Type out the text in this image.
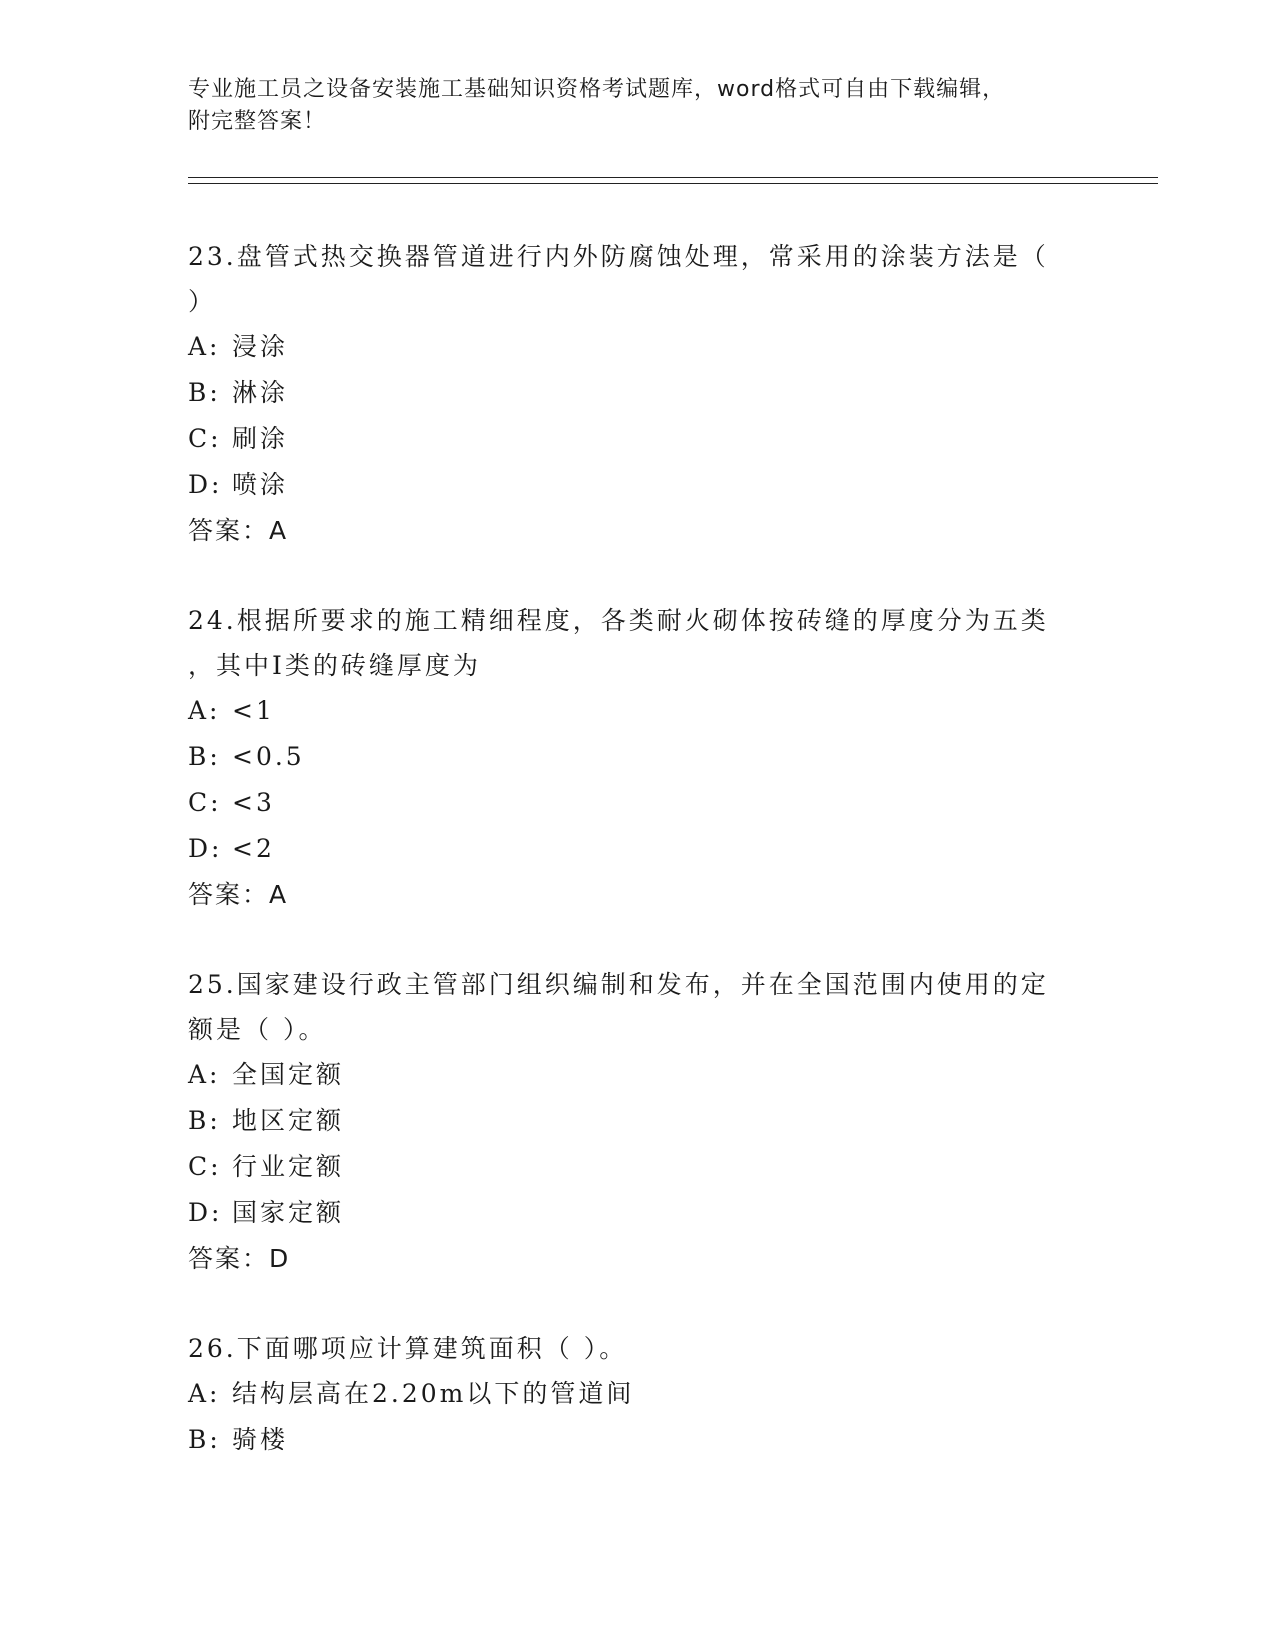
专业施工员之设备安装施工基础知识资格考试题库，word格式可自由下载编辑，
附完整答案！
23.盘管式热交换器管道进行内外防腐蚀处理，常采用的涂装方法是（
）
A: 浸涂
B: 淋涂
C: 刷涂
D: 喷涂
答案：A
24.根据所要求的施工精细程度，各类耐火砌体按砖缝的厚度分为五类
，其中I类的砖缝厚度为
A: <1
B: <0.5
C: <3
D: <2
答案：A
25.国家建设行政主管部门组织编制和发布，并在全国范围内使用的定
额是（ ）。
A: 全国定额
B: 地区定额
C: 行业定额
D: 国家定额
答案：D
26.下面哪项应计算建筑面积（ ）。
A: 结构层高在2.20m以下的管道间
B: 骑楼
